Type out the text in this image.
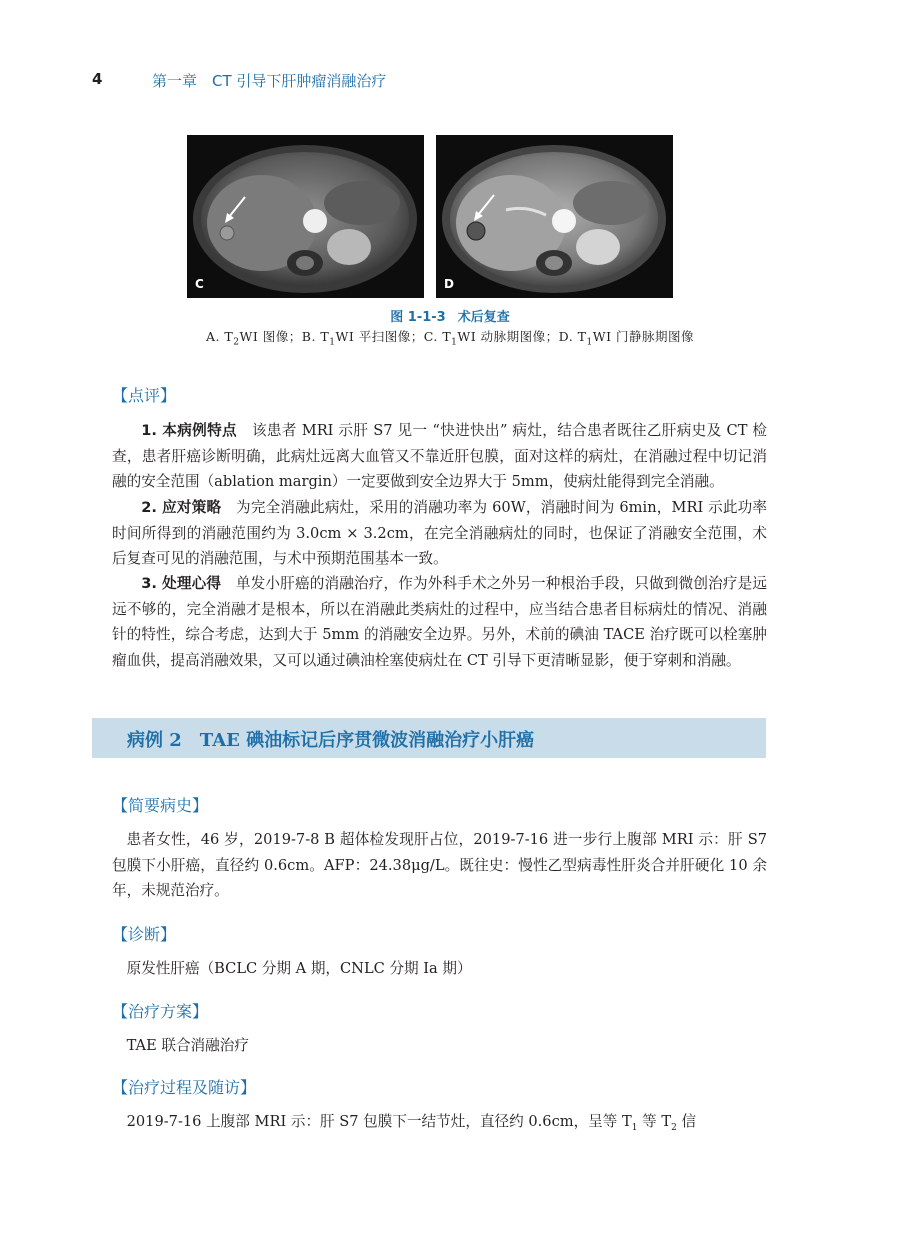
4	第一章　CT 引导下肝肿瘤消融治疗
C	D
图 1-1-3 术后复查
A. $T_2WI$ 图像；B. $T_1WI$ 平扫图像；C. $T_1WI$ 动脉期图像；D. $T_1WI$ 门静脉期图像
【点评】

1. 本病例特点　该患者 MRI 示肝 S7 见一 “快进快出” 病灶，结合患者既往乙肝病史及 CT 检查，患者肝癌诊断明确，此病灶远离大血管又不靠近肝包膜，面对这样的病灶，在消融过程中切记消融的安全范围（ablation margin）一定要做到安全边界大于 5mm，使病灶能得到完全消融。

2. 应对策略　为完全消融此病灶，采用的消融功率为 60W，消融时间为 6min，MRI 示此功率时间所得到的消融范围约为 3.0cm × 3.2cm，在完全消融病灶的同时，也保证了消融安全范围，术后复查可见的消融范围，与术中预期范围基本一致。

3. 处理心得　单发小肝癌的消融治疗，作为外科手术之外另一种根治手段，只做到微创治疗是远远不够的，完全消融才是根本，所以在消融此类病灶的过程中，应当结合患者目标病灶的情况、消融针的特性，综合考虑，达到大于 5mm 的消融安全边界。另外，术前的碘油 TACE 治疗既可以栓塞肿瘤血供，提高消融效果，又可以通过碘油栓塞使病灶在 CT 引导下更清晰显影，便于穿刺和消融。

病例 2　TAE 碘油标记后序贯微波消融治疗小肝癌
【简要病史】

患者女性，46 岁，2019-7-8 B 超体检发现肝占位，2019-7-16 进一步行上腹部 MRI 示：肝 S7 包膜下小肝癌，直径约 0.6cm。AFP：24.38μg/L。既往史：慢性乙型病毒性肝炎合并肝硬化 10 余年，未规范治疗。

【诊断】

原发性肝癌（BCLC 分期 A 期，CNLC 分期 Ⅰa 期）

【治疗方案】

TAE 联合消融治疗

【治疗过程及随访】

2019-7-16 上腹部 MRI 示：肝 S7 包膜下一结节灶，直径约 0.6cm，呈等 $T_1$ 等 $T_2$ 信
